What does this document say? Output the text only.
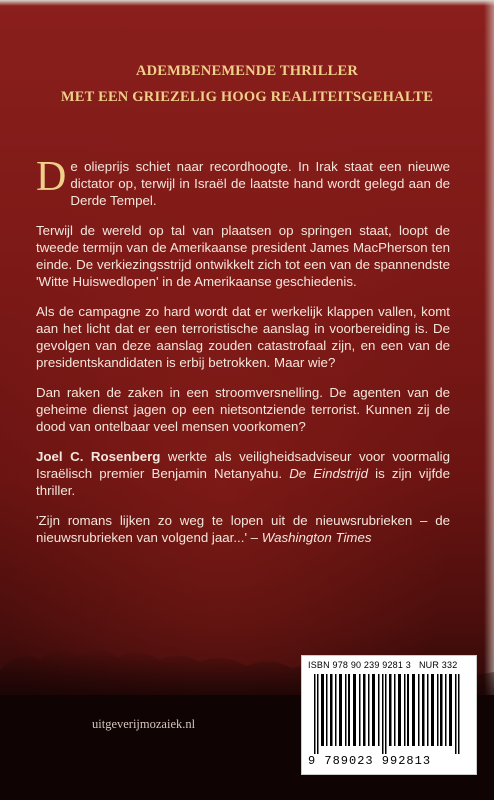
ADEMBENEMENDE THRILLER
MET EEN GRIEZELIG HOOG REALITEITSGEHALTE

De olieprijs schiet naar recordhoogte. In Irak staat een nieuwe dictator op, terwijl in Israël de laatste hand wordt gelegd aan de Derde Tempel.

Terwijl de wereld op tal van plaatsen op springen staat, loopt de tweede termijn van de Amerikaanse president James MacPherson ten einde. De verkiezingsstrijd ontwikkelt zich tot een van de spannendste 'Witte Huiswedlopen' in de Amerikaanse geschiedenis.

Als de campagne zo hard wordt dat er werkelijk klappen vallen, komt aan het licht dat er een terroristische aanslag in voorbereiding is. De gevolgen van deze aanslag zouden catastrofaal zijn, en een van de presidentskandidaten is erbij betrokken. Maar wie?

Dan raken de zaken in een stroomversnelling. De agenten van de geheime dienst jagen op een nietsontziende terrorist. Kunnen zij de dood van ontelbaar veel mensen voorkomen?

Joel C. Rosenberg werkte als veiligheidsadviseur voor voormalig Israëlisch premier Benjamin Netanyahu. De Eindstrijd is zijn vijfde thriller.

'Zijn romans lijken zo weg te lopen uit de nieuwsrubrieken – de nieuwsrubrieken van volgend jaar...' – Washington Times

ISBN 978 90 239 9281 3 NUR 332
9 789023 992813
uitgeverijmozaiek.nl
